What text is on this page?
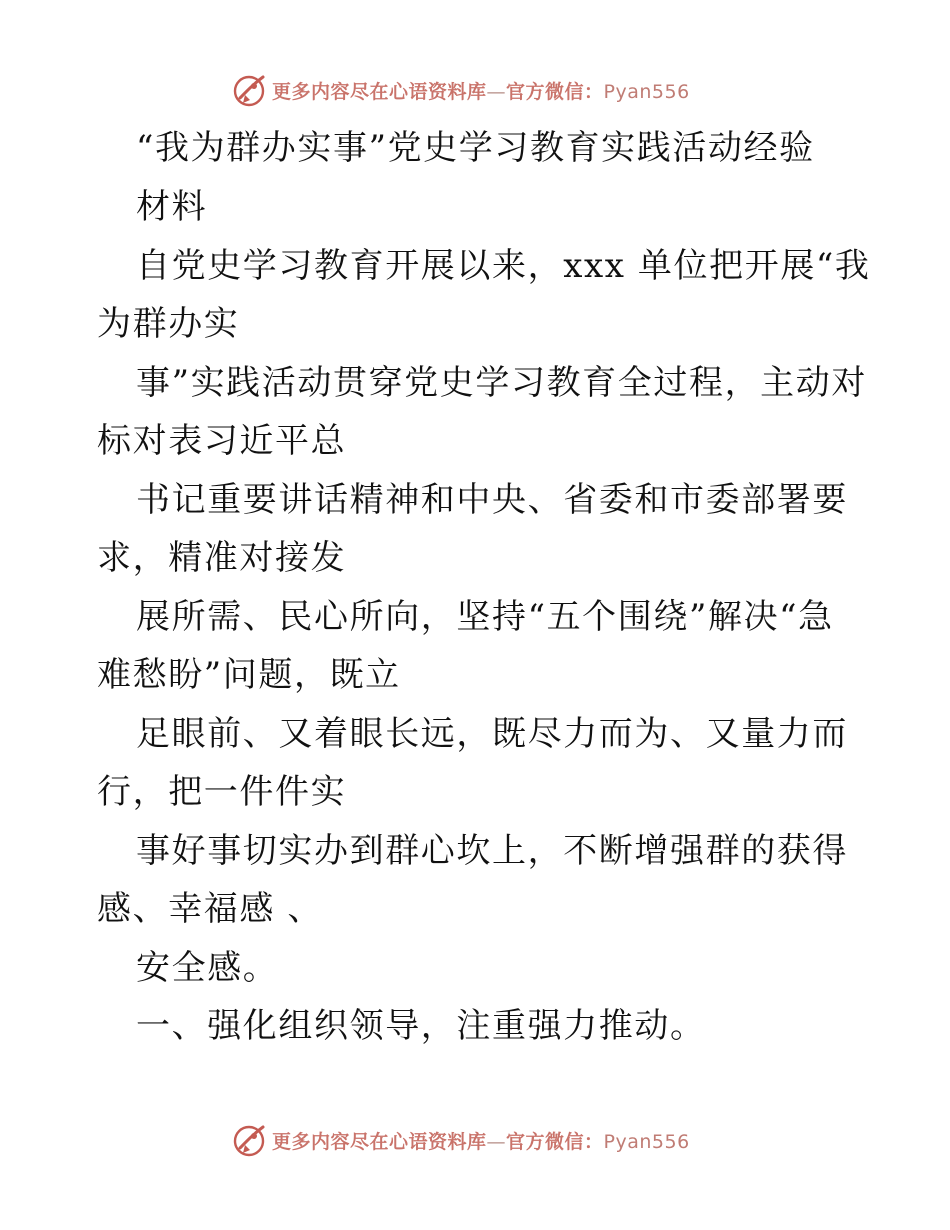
更多内容尽在心语资料库—官方微信：Pyan556
“我为群办实事”党史学习教育实践活动经验
材料
自党史学习教育开展以来，xxx 单位把开展“我
为群办实
事”实践活动贯穿党史学习教育全过程，主动对
标对表习近平总
书记重要讲话精神和中央、省委和市委部署要
求，精准对接发
展所需、民心所向，坚持“五个围绕”解决“急
难愁盼”问题，既立
足眼前、又着眼长远，既尽力而为、又量力而
行，把一件件实
事好事切实办到群心坎上，不断增强群的获得
感、幸福感 、
安全感。
一、强化组织领导，注重强力推动。
更多内容尽在心语资料库—官方微信：Pyan556
